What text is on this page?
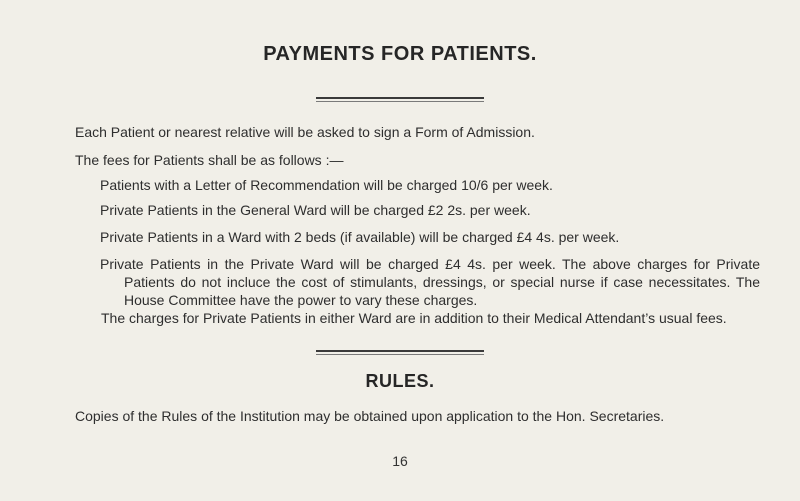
PAYMENTS FOR PATIENTS.
Each Patient or nearest relative will be asked to sign a Form of Admission.
The fees for Patients shall be as follows :—
Patients with a Letter of Recommendation will be charged 10/6 per week.
Private Patients in the General Ward will be charged £2 2s. per week.
Private Patients in a Ward with 2 beds (if available) will be charged £4 4s. per week.
Private Patients in the Private Ward will be charged £4 4s. per week. The above charges for Private Patients do not incluce the cost of stimulants, dressings, or special nurse if case necessitates. The House Committee have the power to vary these charges.
The charges for Private Patients in either Ward are in addition to their Medical Attendant’s usual fees.
RULES.
Copies of the Rules of the Institution may be obtained upon application to the Hon. Secretaries.
16
